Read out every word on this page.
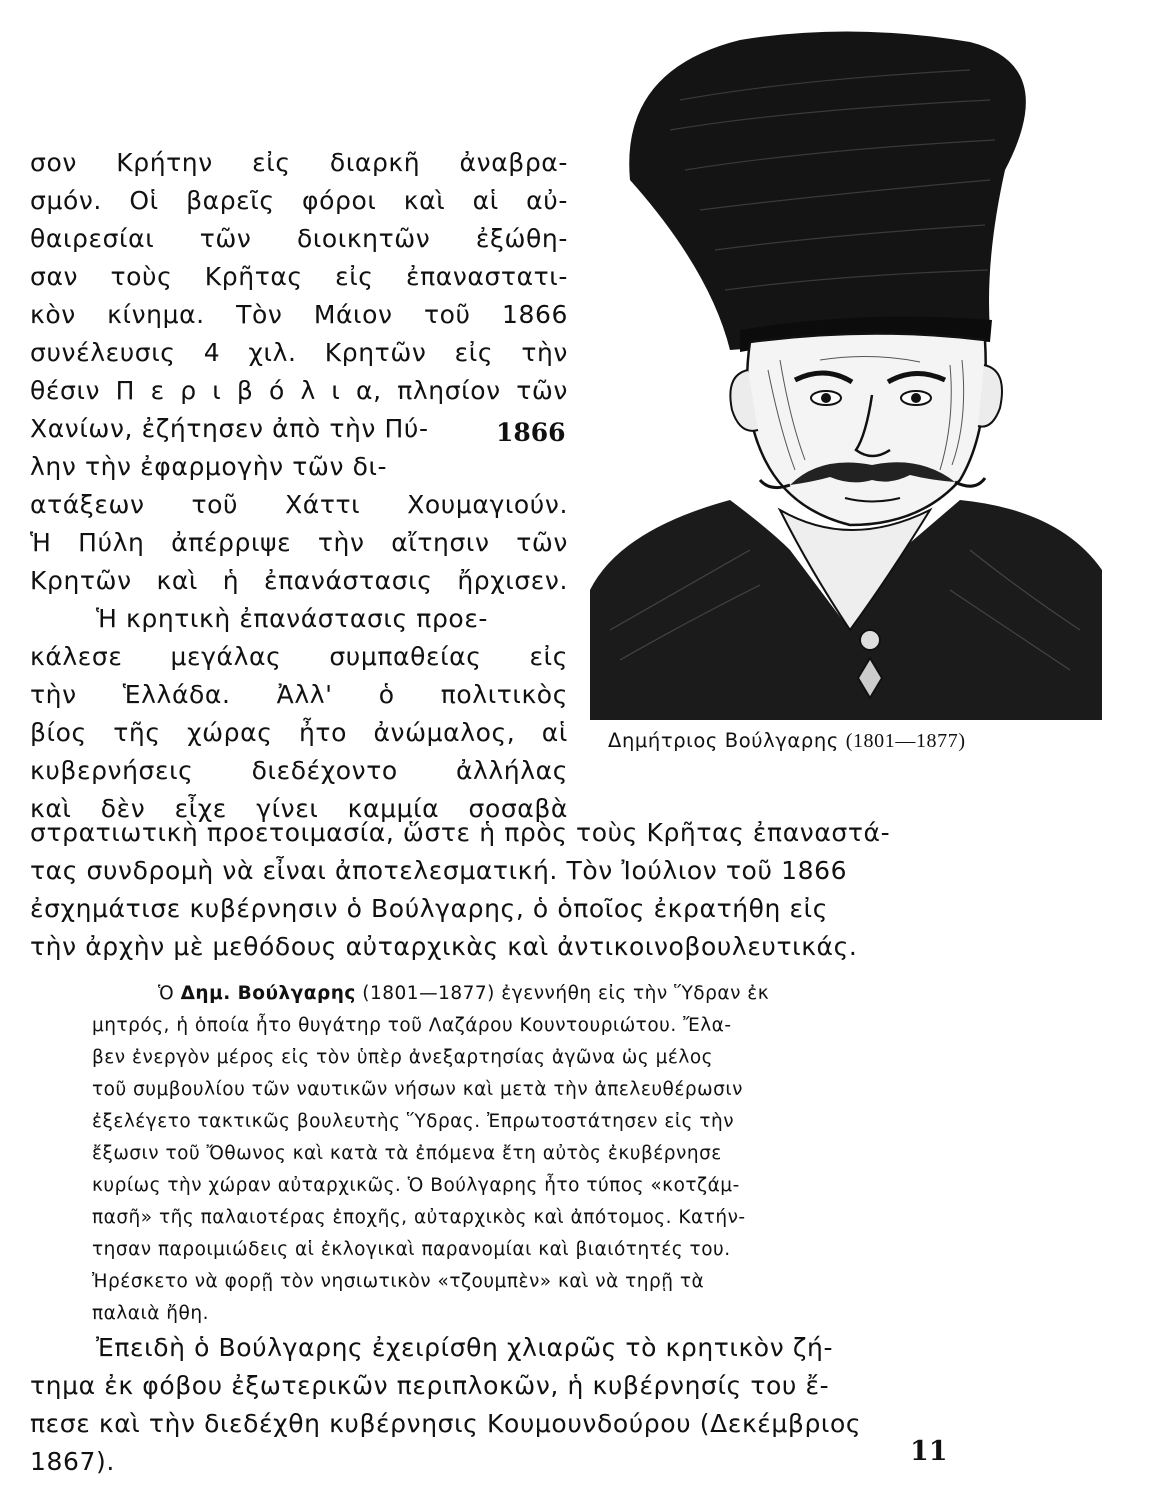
σον Κρήτην εἰς διαρκῆ ἀναβρα-

σμόν. Οἱ βαρεῖς φόροι καὶ αἱ αὐ-

θαιρεσίαι τῶν διοικητῶν ἐξώθη-

σαν τοὺς Κρῆτας εἰς ἐπαναστατι-

κὸν κίνημα. Τὸν Μάιον τοῦ 1866

συνέλευσις 4 χιλ. Κρητῶν εἰς τὴν

θέσιν Π ε ρ ι β ό λ ι α, πλησίον τῶν

Χανίων, ἐζήτησεν ἀπὸ τὴν Πύ-

λην τὴν ἐφαρμογὴν τῶν δι-

ατάξεων τοῦ Χάττι Χουμαγιούν.

Ἡ Πύλη ἀπέρριψε τὴν αἴτησιν τῶν

Κρητῶν καὶ ἡ ἐπανάστασις ἤρχισεν.

Ἡ κρητικὴ ἐπανάστασις προε-

κάλεσε μεγάλας συμπαθείας εἰς

τὴν Ἑλλάδα. Ἀλλ' ὁ πολιτικὸς

βίος τῆς χώρας ἦτο ἀνώμαλος, αἱ

κυβερνήσεις διεδέχοντο ἀλλήλας

καὶ δὲν εἶχε γίνει καμμία σοσαβὰ

1866
Δημήτριος Βούλγαρης (1801—1877)

στρατιωτικὴ προετοιμασία, ὥστε ἡ πρὸς τοὺς Κρῆτας ἐπαναστά-

τας συνδρομὴ νὰ εἶναι ἀποτελεσματική. Τὸν Ἰούλιον τοῦ 1866

ἐσχημάτισε κυβέρνησιν ὁ Βούλγαρης, ὁ ὁποῖος ἐκρατήθη εἰς

τὴν ἀρχὴν μὲ μεθόδους αὐταρχικὰς καὶ ἀντικοινοβουλευτικάς.

Ὁ Δημ. Βούλγαρης (1801—1877) ἐγεννήθη εἰς τὴν Ὕδραν ἐκ

μητρός, ἡ ὁποία ἦτο θυγάτηρ τοῦ Λαζάρου Κουντουριώτου. Ἔλα-

βεν ἐνεργὸν μέρος εἰς τὸν ὑπὲρ ἀνεξαρτησίας ἀγῶνα ὡς μέλος

τοῦ συμβουλίου τῶν ναυτικῶν νήσων καὶ μετὰ τὴν ἀπελευθέρωσιν

ἐξελέγετο τακτικῶς βουλευτὴς Ὕδρας. Ἐπρωτοστάτησεν εἰς τὴν

ἔξωσιν τοῦ Ὄθωνος καὶ κατὰ τὰ ἐπόμενα ἔτη αὐτὸς ἐκυβέρνησε

κυρίως τὴν χώραν αὐταρχικῶς. Ὁ Βούλγαρης ἦτο τύπος «κοτζάμ-

πασῆ» τῆς παλαιοτέρας ἐποχῆς, αὐταρχικὸς καὶ ἀπότομος. Κατήν-

τησαν παροιμιώδεις αἱ ἐκλογικαὶ παρανομίαι καὶ βιαιότητές του.

Ἠρέσκετο νὰ φορῇ τὸν νησιωτικὸν «τζουμπὲν» καὶ νὰ τηρῇ τὰ

παλαιὰ ἤθη.

Ἐπειδὴ ὁ Βούλγαρης ἐχειρίσθη χλιαρῶς τὸ κρητικὸν ζή-

τημα ἐκ φόβου ἐξωτερικῶν περιπλοκῶν, ἡ κυβέρνησίς του ἔ-

πεσε καὶ τὴν διεδέχθη κυβέρνησις Κουμουνδούρου (Δεκέμβριος

1867).	11
